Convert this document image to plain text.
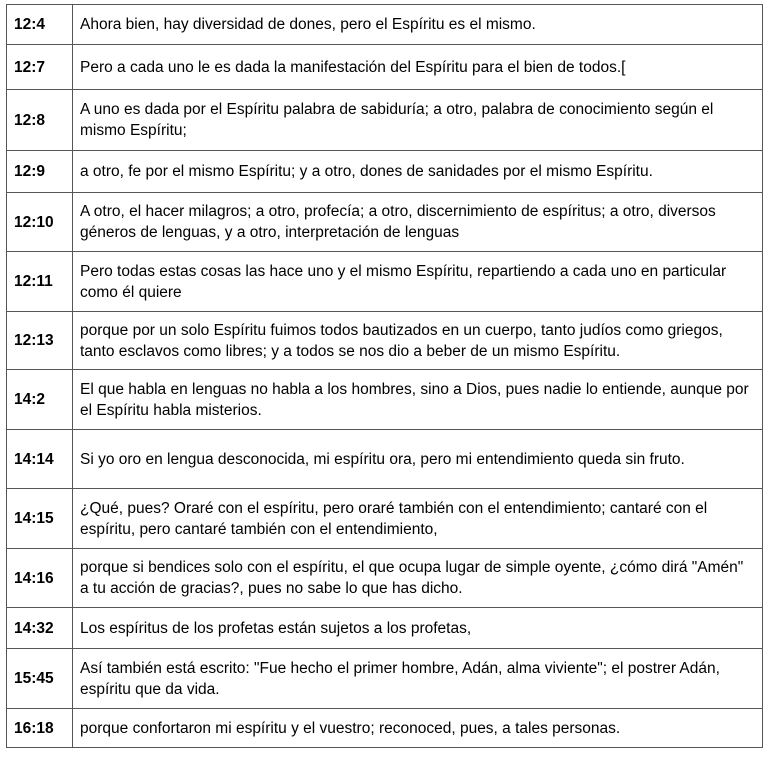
12:4	Ahora bien, hay diversidad de dones, pero el Espíritu es el mismo.
12:7	Pero a cada uno le es dada la manifestación del Espíritu para el bien de todos.[
12:8	A uno es dada por el Espíritu palabra de sabiduría; a otro, palabra de conocimiento según el mismo Espíritu;
12:9	a otro, fe por el mismo Espíritu; y a otro, dones de sanidades por el mismo Espíritu.
12:10	A otro, el hacer milagros; a otro, profecía; a otro, discernimiento de espíritus; a otro, diversos géneros de lenguas, y a otro, interpretación de lenguas
12:11	Pero todas estas cosas las hace uno y el mismo Espíritu, repartiendo a cada uno en particular como él quiere
12:13	porque por un solo Espíritu fuimos todos bautizados en un cuerpo, tanto judíos como griegos, tanto esclavos como libres; y a todos se nos dio a beber de un mismo Espíritu.
14:2	El que habla en lenguas no habla a los hombres, sino a Dios, pues nadie lo entiende, aunque por el Espíritu habla misterios.
14:14	Si yo oro en lengua desconocida, mi espíritu ora, pero mi entendimiento queda sin fruto.
14:15	¿Qué, pues? Oraré con el espíritu, pero oraré también con el entendimiento; cantaré con el espíritu, pero cantaré también con el entendimiento,
14:16	porque si bendices solo con el espíritu, el que ocupa lugar de simple oyente, ¿cómo dirá "Amén" a tu acción de gracias?, pues no sabe lo que has dicho.
14:32	Los espíritus de los profetas están sujetos a los profetas,
15:45	Así también está escrito: "Fue hecho el primer hombre, Adán, alma viviente"; el postrer Adán, espíritu que da vida.
16:18	porque confortaron mi espíritu y el vuestro; reconoced, pues, a tales personas.
